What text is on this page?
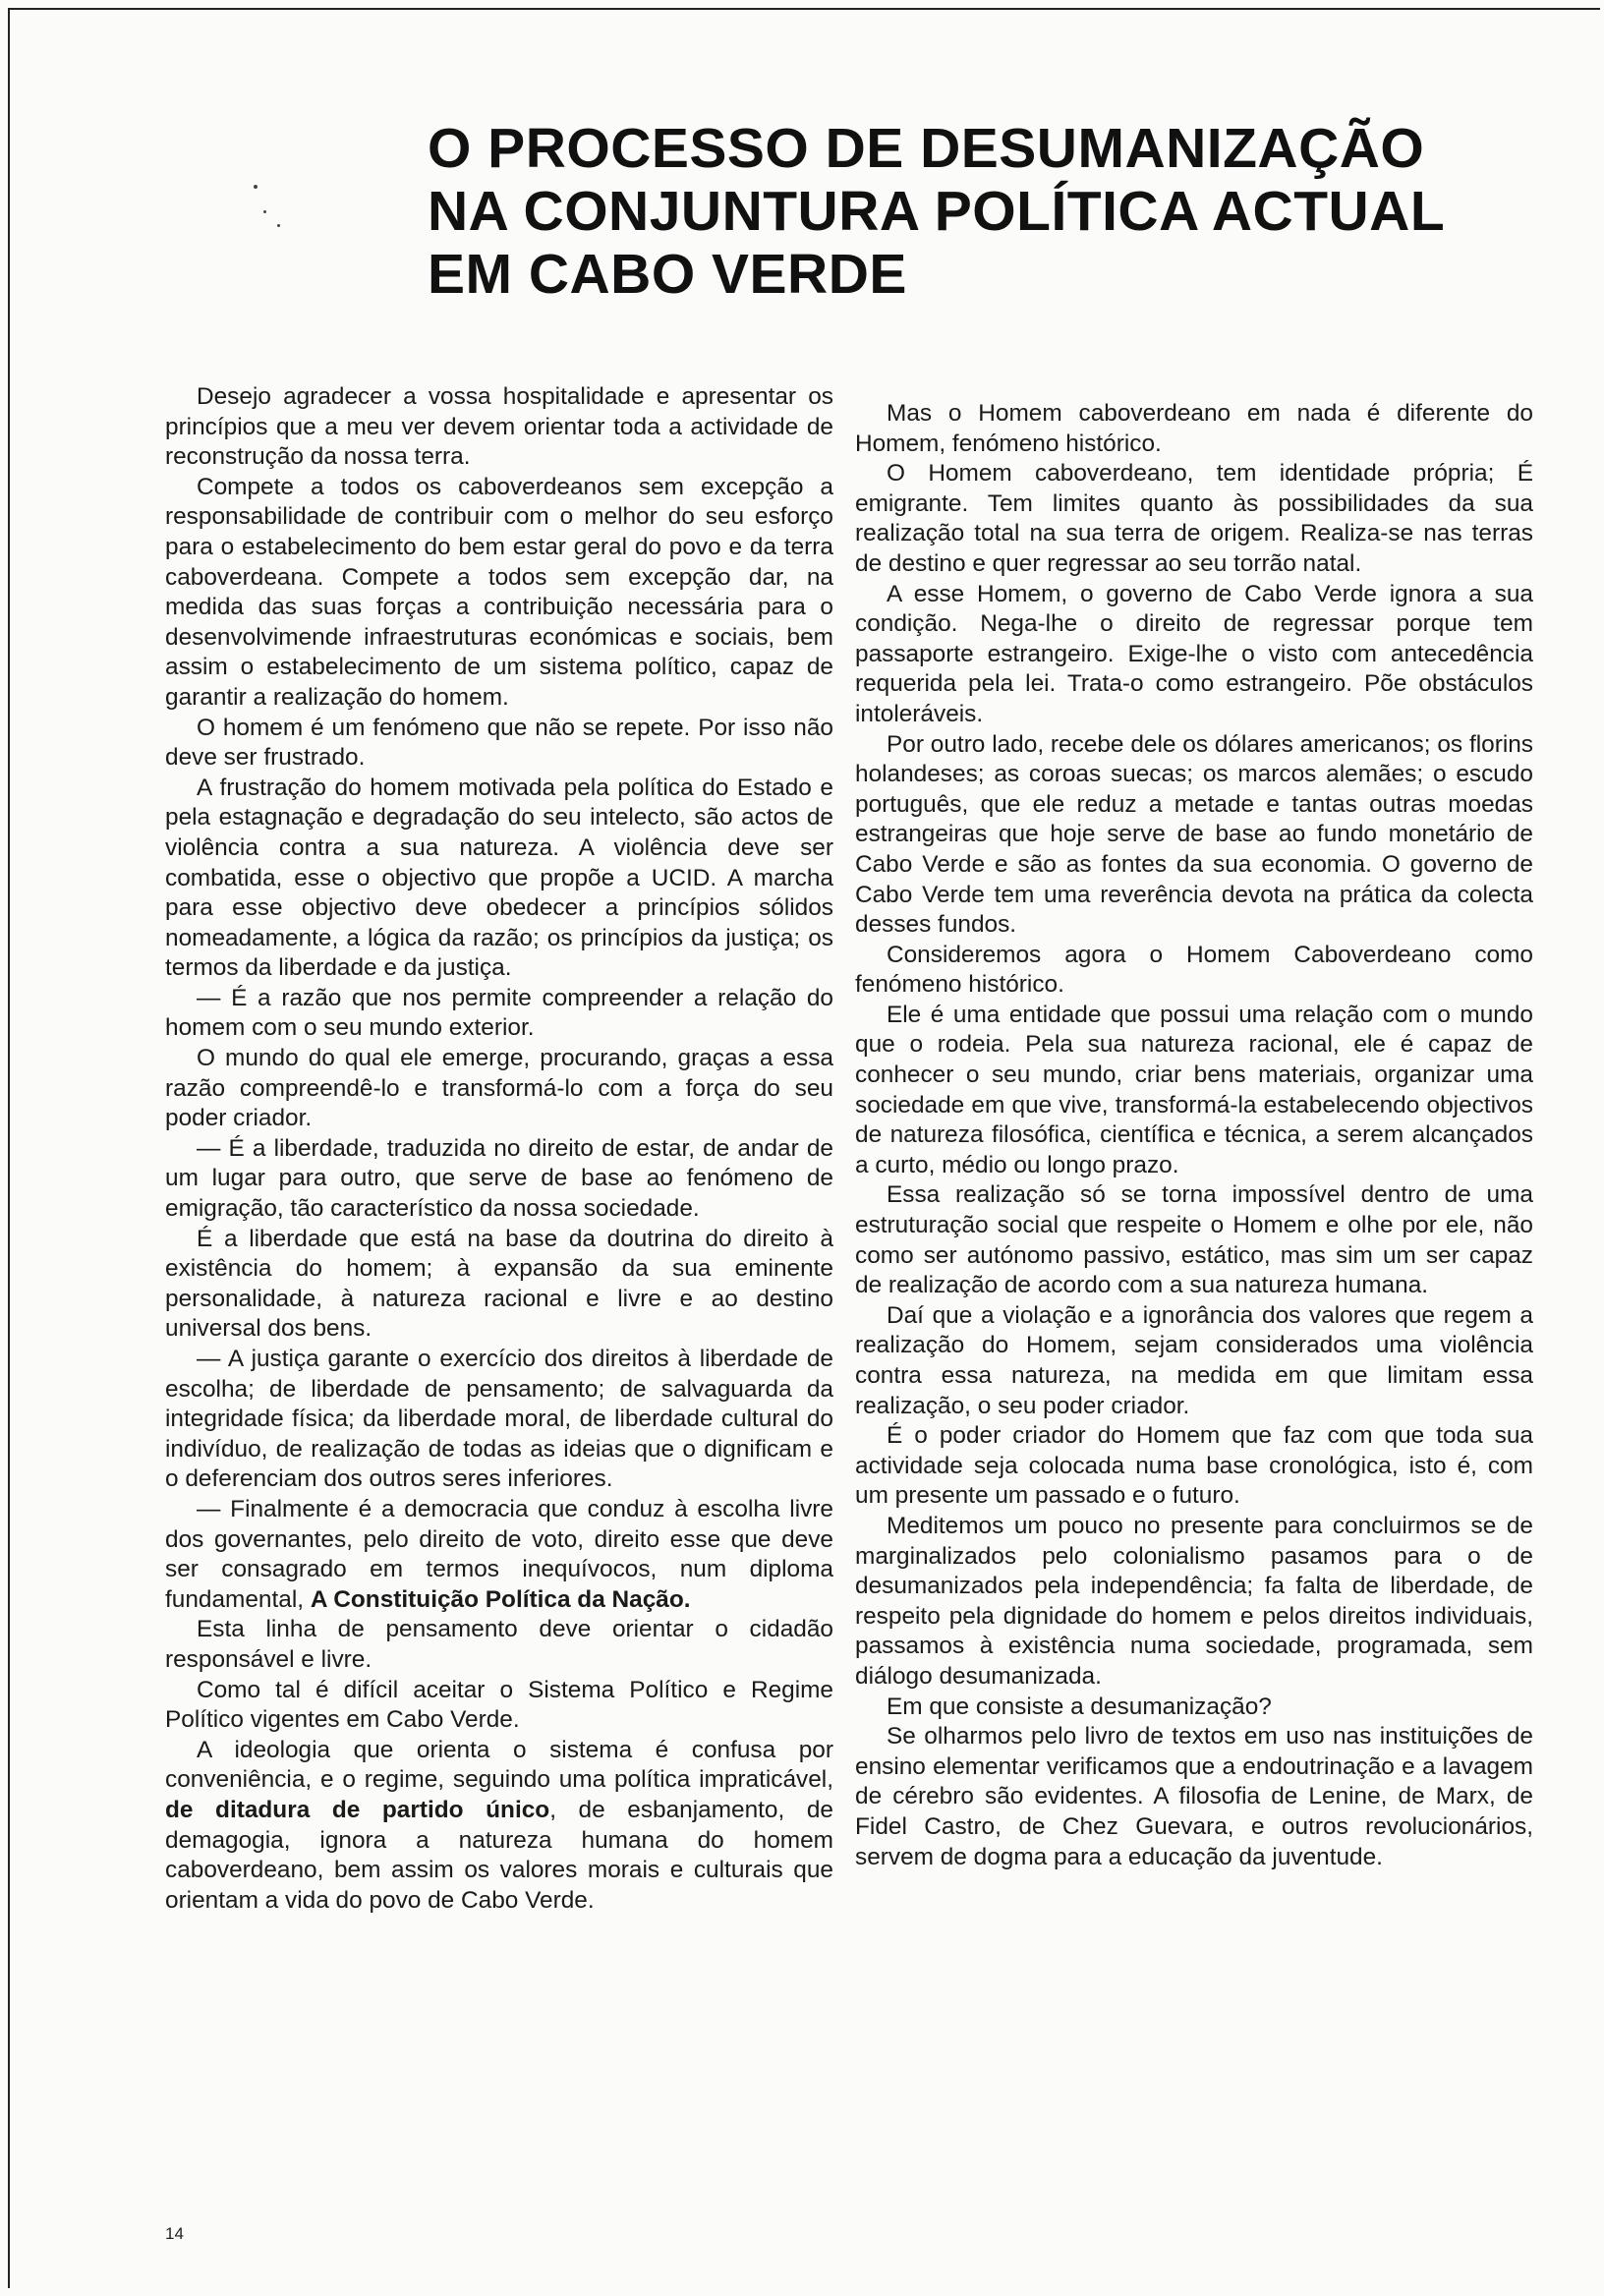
O PROCESSO DE DESUMANIZAÇÃO
NA CONJUNTURA POLÍTICA ACTUAL
EM CABO VERDE

Desejo agradecer a vossa hospitalidade e apresentar os princípios que a meu ver devem orientar toda a actividade de reconstrução da nossa terra.

Compete a todos os caboverdeanos sem excepção a responsabilidade de contribuir com o melhor do seu esforço para o estabelecimento do bem estar geral do povo e da terra caboverdeana. Compete a todos sem excepção dar, na medida das suas forças a contribuição necessária para o desenvolvimende infraestruturas económicas e sociais, bem assim o estabelecimento de um sistema político, capaz de garantir a realização do homem.

O homem é um fenómeno que não se repete. Por isso não deve ser frustrado.

A frustração do homem motivada pela política do Estado e pela estagnação e degradação do seu intelecto, são actos de violência contra a sua natureza. A violência deve ser combatida, esse o objectivo que propõe a UCID. A marcha para esse objectivo deve obedecer a princípios sólidos nomeadamente, a lógica da razão; os princípios da justiça; os termos da liberdade e da justiça.

— É a razão que nos permite compreender a relação do homem com o seu mundo exterior.

O mundo do qual ele emerge, procurando, graças a essa razão compreendê-lo e transformá-lo com a força do seu poder criador.

— É a liberdade, traduzida no direito de estar, de andar de um lugar para outro, que serve de base ao fenómeno de emigração, tão característico da nossa sociedade.

É a liberdade que está na base da doutrina do direito à existência do homem; à expansão da sua eminente personalidade, à natureza racional e livre e ao destino universal dos bens.

— A justiça garante o exercício dos direitos à liberdade de escolha; de liberdade de pensamento; de salvaguarda da integridade física; da liberdade moral, de liberdade cultural do indivíduo, de realização de todas as ideias que o dignificam e o deferenciam dos outros seres inferiores.

— Finalmente é a democracia que conduz à escolha livre dos governantes, pelo direito de voto, direito esse que deve ser consagrado em termos inequívocos, num diploma fundamental, A Constituição Política da Nação.

Esta linha de pensamento deve orientar o cidadão responsável e livre.

Como tal é difícil aceitar o Sistema Político e Regime Político vigentes em Cabo Verde.

A ideologia que orienta o sistema é confusa por conveniência, e o regime, seguindo uma política impraticável, de ditadura de partido único, de esbanjamento, de demagogia, ignora a natureza humana do homem caboverdeano, bem assim os valores morais e culturais que orientam a vida do povo de Cabo Verde.

Mas o Homem caboverdeano em nada é diferente do Homem, fenómeno histórico.

O Homem caboverdeano, tem identidade própria; É emigrante. Tem limites quanto às possibilidades da sua realização total na sua terra de origem. Realiza-se nas terras de destino e quer regressar ao seu torrão natal.

A esse Homem, o governo de Cabo Verde ignora a sua condição. Nega-lhe o direito de regressar porque tem passaporte estrangeiro. Exige-lhe o visto com antecedência requerida pela lei. Trata-o como estrangeiro. Põe obstáculos intoleráveis.

Por outro lado, recebe dele os dólares americanos; os florins holandeses; as coroas suecas; os marcos alemães; o escudo português, que ele reduz a metade e tantas outras moedas estrangeiras que hoje serve de base ao fundo monetário de Cabo Verde e são as fontes da sua economia. O governo de Cabo Verde tem uma reverência devota na prática da colecta desses fundos.

Consideremos agora o Homem Caboverdeano como fenómeno histórico.

Ele é uma entidade que possui uma relação com o mundo que o rodeia. Pela sua natureza racional, ele é capaz de conhecer o seu mundo, criar bens materiais, organizar uma sociedade em que vive, transformá-la estabelecendo objectivos de natureza filosófica, científica e técnica, a serem alcançados a curto, médio ou longo prazo.

Essa realização só se torna impossível dentro de uma estruturação social que respeite o Homem e olhe por ele, não como ser autónomo passivo, estático, mas sim um ser capaz de realização de acordo com a sua natureza humana.

Daí que a violação e a ignorância dos valores que regem a realização do Homem, sejam considerados uma violência contra essa natureza, na medida em que limitam essa realização, o seu poder criador.

É o poder criador do Homem que faz com que toda sua actividade seja colocada numa base cronológica, isto é, com um presente um passado e o futuro.

Meditemos um pouco no presente para concluirmos se de marginalizados pelo colonialismo pasamos para o de desumanizados pela independência; fa falta de liberdade, de respeito pela dignidade do homem e pelos direitos individuais, passamos à existência numa sociedade, programada, sem diálogo desumanizada.

Em que consiste a desumanização?

Se olharmos pelo livro de textos em uso nas instituições de ensino elementar verificamos que a endoutrinação e a lavagem de cérebro são evidentes. A filosofia de Lenine, de Marx, de Fidel Castro, de Chez Guevara, e outros revolucionários, servem de dogma para a educação da juventude.

14
